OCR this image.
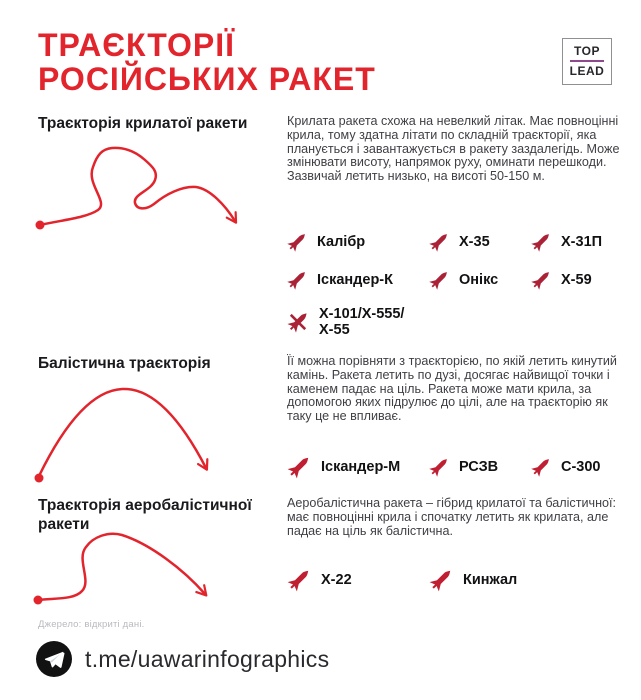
ТРАЄКТОРІЇ
РОСІЙСЬКИХ РАКЕТ
TOP
LEAD
Траєкторія крилатої ракети	Крилата ракета схожа на невелкий літак. Має повноцінні крила, тому здатна літати по складній траєкторії, яка планується і завантажується в ракету заздалегідь. Може змінювати висоту, напрямок руху, оминати перешкоди. Зазвичай летить низько, на висоті 50-150 м.
Калібр	Х-35	Х-31П
Іскандер-К	Онікс	Х-59
Х-101/Х-555/
Х-55
Балістична траєкторія	Її можна порівняти з траєкторією, по якій летить кинутий камінь. Ракета летить по дузі, досягає найвищої точки і каменем падає на ціль. Ракета може мати крила, за допомогою яких підрулює до цілі, але на траєкторію як таку це не впливає.
Іскандер-М	РСЗВ	С-300
Траєкторія аеробалістичної ракети
Аеробалістична ракета – гібрид крилатої та балістичної: має повноцінні крила і спочатку летить як крилата, але падає на ціль як балістична.
Х-22	Кинжал
Джерело: відкриті дані.
t.me/uawarinfographics
